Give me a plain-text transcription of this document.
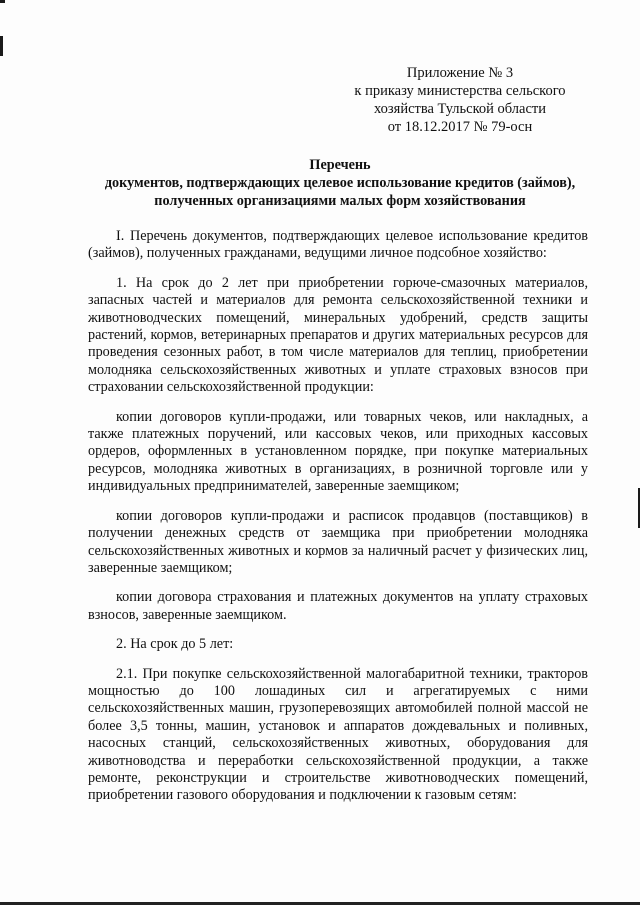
Приложение № 3
к приказу министерства сельского
хозяйства Тульской области
от 18.12.2017 № 79-осн
Перечень
документов, подтверждающих целевое использование кредитов (займов),
полученных организациями малых форм хозяйствования

I. Перечень документов, подтверждающих целевое использование кредитов (займов), полученных гражданами, ведущими личное подсобное хозяйство:

1. На срок до 2 лет при приобретении горюче-смазочных материалов, запасных частей и материалов для ремонта сельскохозяйственной техники и животноводческих помещений, минеральных удобрений, средств защиты растений, кормов, ветеринарных препаратов и других материальных ресурсов для проведения сезонных работ, в том числе материалов для теплиц, приобретении молодняка сельскохозяйственных животных и уплате страховых взносов при страховании сельскохозяйственной продукции:

копии договоров купли-продажи, или товарных чеков, или накладных, а также платежных поручений, или кассовых чеков, или приходных кассовых ордеров, оформленных в установленном порядке, при покупке материальных ресурсов, молодняка животных в организациях, в розничной торговле или у индивидуальных предпринимателей, заверенные заемщиком;

копии договоров купли-продажи и расписок продавцов (поставщиков) в получении денежных средств от заемщика при приобретении молодняка сельскохозяйственных животных и кормов за наличный расчет у физических лиц, заверенные заемщиком;

копии договора страхования и платежных документов на уплату страховых взносов, заверенные заемщиком.

2. На срок до 5 лет:

2.1. При покупке сельскохозяйственной малогабаритной техники, тракторов мощностью до 100 лошадиных сил и агрегатируемых с ними сельскохозяйственных машин, грузоперевозящих автомобилей полной массой не более 3,5 тонны, машин, установок и аппаратов дождевальных и поливных, насосных станций, сельскохозяйственных животных, оборудования для животноводства и переработки сельскохозяйственной продукции, а также ремонте, реконструкции и строительстве животноводческих помещений, приобретении газового оборудования и подключении к газовым сетям:
